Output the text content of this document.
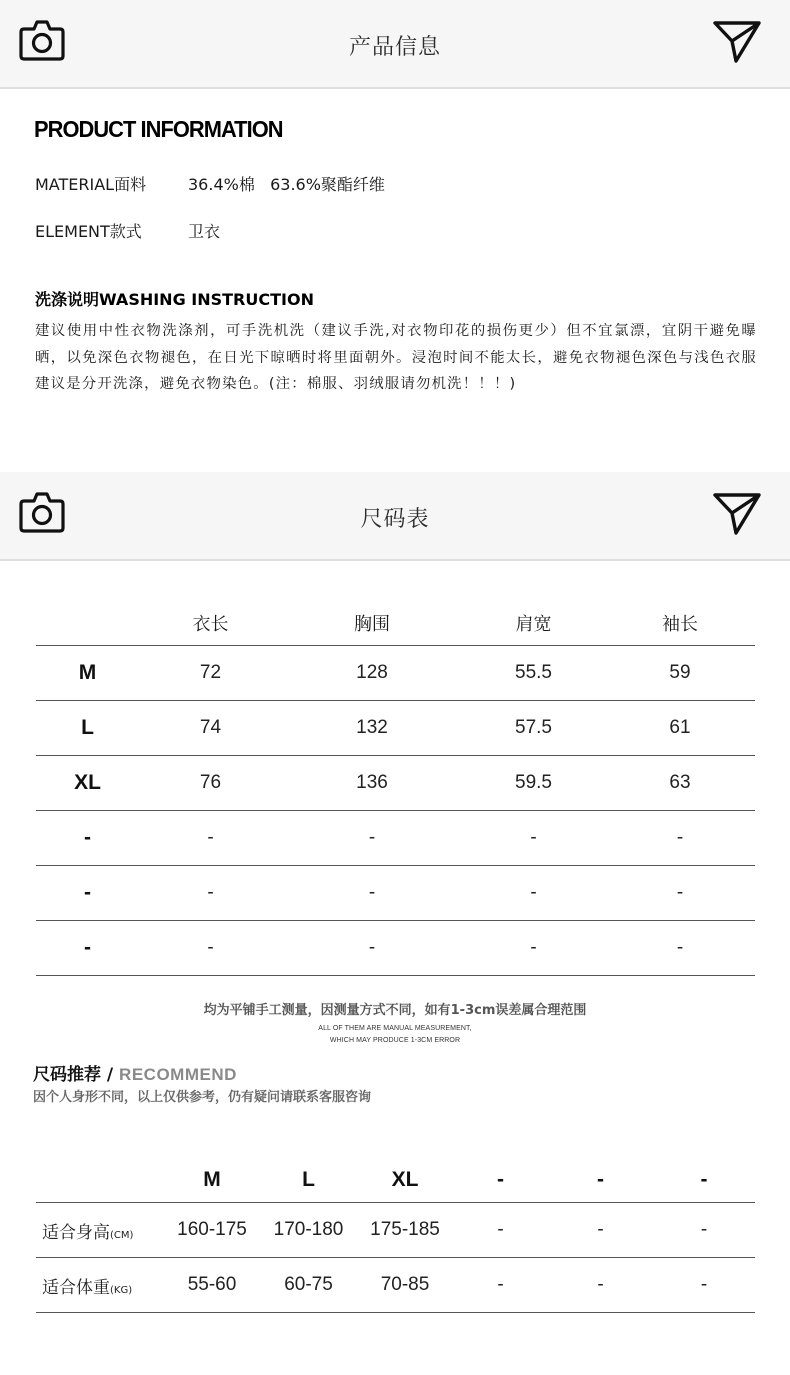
产品信息
PRODUCT INFORMATION
MATERIAL面料	36.4%棉   63.6%聚酯纤维
ELEMENT款式	卫衣
洗涤说明WASHING INSTRUCTION
建议使用中性衣物洗涤剂，可手洗机洗（建议手洗,对衣物印花的损伤更少）但不宜氯漂，宜阴干避免曝晒，以免深色衣物褪色，在日光下晾晒时将里面朝外。浸泡时间不能太长，避免衣物褪色深色与浅色衣服建议是分开洗涤，避免衣物染色。(注：棉服、羽绒服请勿机洗！！！)
尺码表
	衣长	胸围	肩宽	袖长
M	72	128	55.5	59
L	74	132	57.5	61
XL	76	136	59.5	63
-	-	-	-	-
-	-	-	-	-
-	-	-	-	-
均为平铺手工测量，因测量方式不同，如有1-3cm误差属合理范围
ALL OF THEM ARE MANUAL MEASUREMENT,
WHICH MAY PRODUCE 1-3CM ERROR
尺码推荐 / RECOMMEND
因个人身形不同，以上仅供参考，仍有疑问请联系客服咨询
	M	L	XL	-	-	-
适合身高(CM)	160-175	170-180	175-185	-	-	-
适合体重(KG)	55-60	60-75	70-85	-	-	-
